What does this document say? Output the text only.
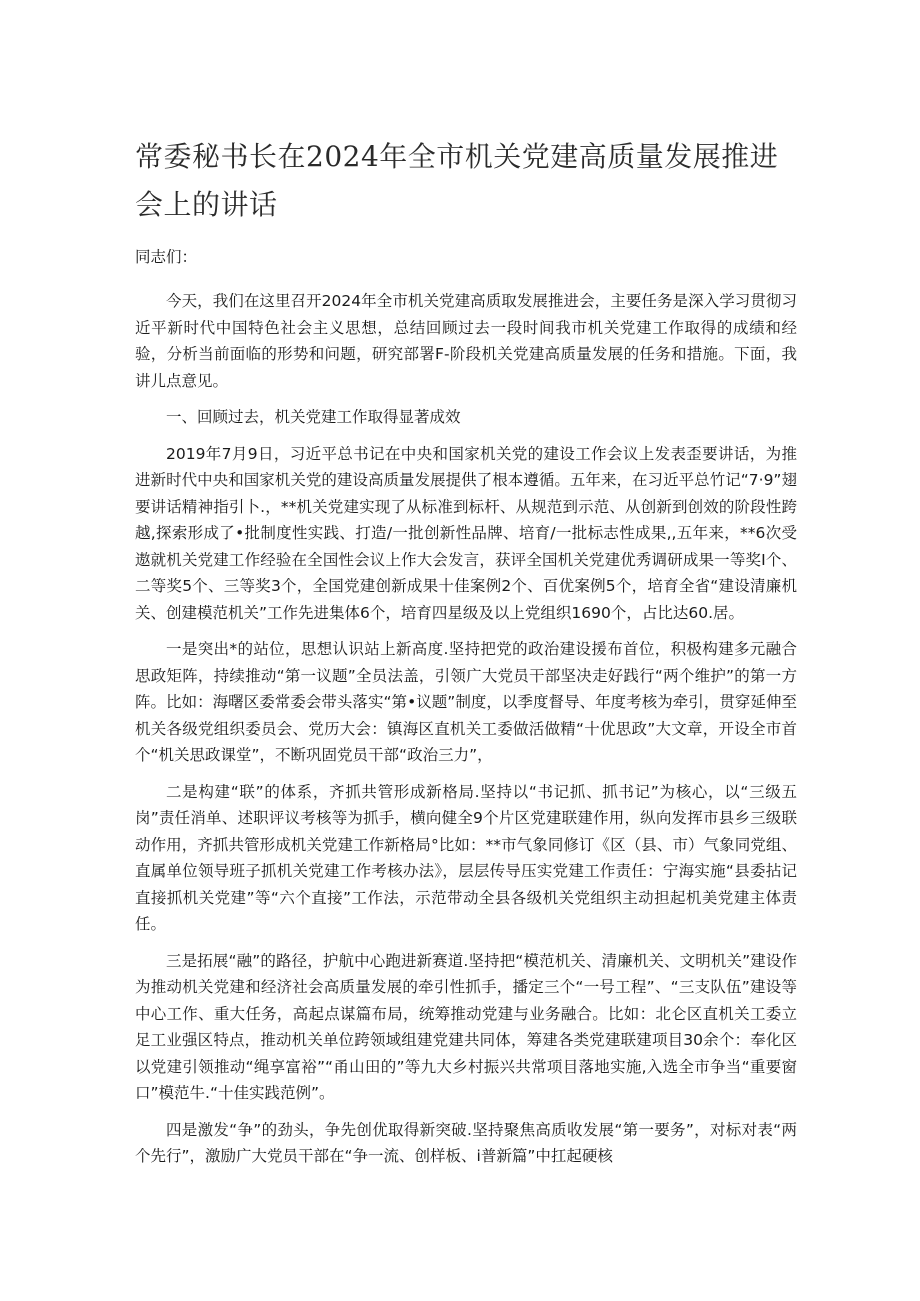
常委秘书长在2024年全市机关党建高质量发展推进会上的讲话
同志们：

今天，我们在这里召开2024年全市机关党建高质取发展推进会，主要任务是深入学习贯彻习近平新时代中国特色社会主义思想，总结回顾过去一段时间我市机关党建工作取得的成绩和经验，分析当前面临的形势和问题，研究部署F-阶段机关党建高质量发展的任务和措施。下面，我讲儿点意见。

一、回顾过去，机关党建工作取得显著成效

2019年7月9日，习近平总书记在中央和国家机关党的建设工作会议上发表歪要讲话，为推进新时代中央和国家机关党的建设高质量发展提供了根本遵循。五年来，在习近平总竹记“7·9”翅要讲话精神指引卜.，**机关党建实现了从标准到标杆、从规范到示范、从创新到创效的阶段性跨越,探索形成了•批制度性实践、打造/一批创新性品牌、培育/一批标志性成果,,五年来，**6次受遨就机关党建工作经验在全国性会议上作大会发言，获评全国机关党建优秀调研成果一等奖I个、二等奖5个、三等奖3个，全国党建创新成果十佳案例2个、百优案例5个，培育全省“建设清廉机关、创建模范机关”工作先进集体6个，培育四星级及以上党组织1690个，占比达60.居。

一是突出*的站位，思想认识站上新高度.坚持把党的政治建设援布首位，积极构建多元融合思政矩阵，持续推动“第一议题”全员法盖，引领广大党员干部坚决走好践行“两个维护”的第一方阵。比如：海曙区委常委会带头落实“第•议题”制度，以季度督导、年度考核为牵引，贯穿延伸至机关各级党组织委员会、党历大会：镇海区直机关工委做活做精“十优思政”大文章，开设全市首个“机关思政课堂”，不断巩固党员干部“政治三力”，

二是构建“联”的体系，齐抓共管形成新格局.坚持以“书记抓、抓书记”为核心，以“三级五岗”责任消单、述职评议考核等为抓手，横向健全9个片区党建联建作用，纵向发挥市县乡三级联动作用，齐抓共管形成机关党建工作新格局°比如：**市气象同修订《区（县、市）气象同党组、直属单位领导班子抓机关党建工作考核办法》，层层传导压实党建工作责任：宁海实施“县委拈记直接抓机关党建”等“六个直接”工作法，示范带动全县各级机关党组织主动担起机美党建主体责任。

三是拓展“融”的路径，护航中心跑进新赛道.坚持把“模范机关、清廉机关、文明机关”建设作为推动机关党建和经济社会高质量发展的牵引性抓手，播定三个“一号工程”、“三支队伍”建设等中心工作、重大任务，高起点谋篇布局，统筹推动党建与业务融合。比如：北仑区直机关工委立足工业强区特点，推动机关单位跨领域组建党建共同体，筹建各类党建联建项目30余个：奉化区以党建引领推动“绳享富裕”“甬山田的”等九大乡村振兴共常项目落地实施,入选全市争当“重要窗口”模范牛.“十佳实践范例”。

四是激发“争”的劲头，争先创优取得新突破.坚持聚焦高质收发展“第一要务”，对标对表“两个先行”，激励广大党员干部在“争一流、创样板、i普新篇”中扛起硬核
